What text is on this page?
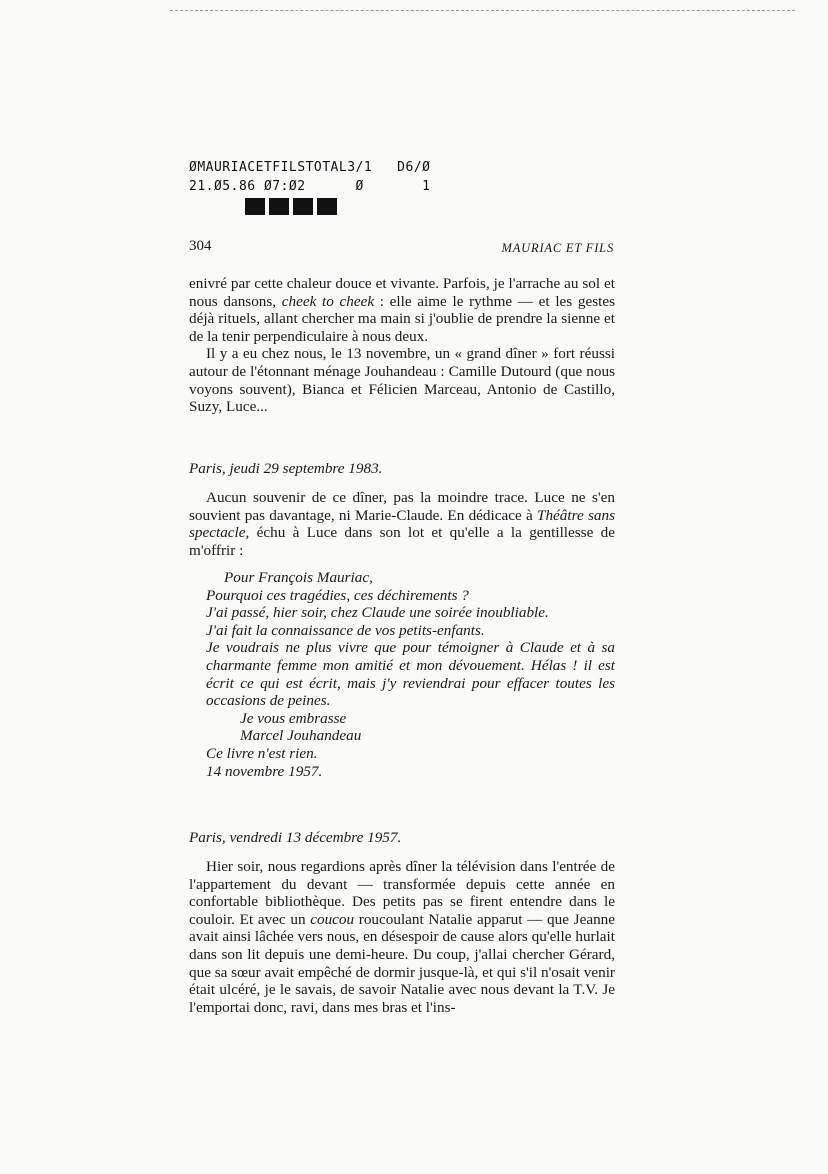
ØMAURIACETFILSTOTAL3/1   D6/Ø
21.Ø5.86 Ø7:Ø2      Ø       1
304	MAURIAC ET FILS

enivré par cette chaleur douce et vivante. Parfois, je l'arrache au sol et nous dansons, cheek to cheek : elle aime le rythme — et les gestes déjà rituels, allant chercher ma main si j'oublie de prendre la sienne et de la tenir perpendiculaire à nous deux.

Il y a eu chez nous, le 13 novembre, un « grand dîner » fort réussi autour de l'étonnant ménage Jouhandeau : Camille Dutourd (que nous voyons souvent), Bianca et Félicien Marceau, Antonio de Castillo, Suzy, Luce...

Paris, jeudi 29 septembre 1983.

Aucun souvenir de ce dîner, pas la moindre trace. Luce ne s'en souvient pas davantage, ni Marie-Claude. En dédicace à Théâtre sans spectacle, échu à Luce dans son lot et qu'elle a la gentillesse de m'offrir :

Pour François Mauriac,

Pourquoi ces tragédies, ces déchirements ?

J'ai passé, hier soir, chez Claude une soirée inoubliable.

J'ai fait la connaissance de vos petits-enfants.

Je voudrais ne plus vivre que pour témoigner à Claude et à sa charmante femme mon amitié et mon dévouement. Hélas ! il est écrit ce qui est écrit, mais j'y reviendrai pour effacer toutes les occasions de peines.

Je vous embrasse

Marcel Jouhandeau

Ce livre n'est rien.

14 novembre 1957.

Paris, vendredi 13 décembre 1957.

Hier soir, nous regardions après dîner la télévision dans l'entrée de l'appartement du devant — transformée depuis cette année en confortable bibliothèque. Des petits pas se firent entendre dans le couloir. Et avec un coucou roucoulant Natalie apparut — que Jeanne avait ainsi lâchée vers nous, en désespoir de cause alors qu'elle hurlait dans son lit depuis une demi-heure. Du coup, j'allai chercher Gérard, que sa sœur avait empêché de dormir jusque-là, et qui s'il n'osait venir était ulcéré, je le savais, de savoir Natalie avec nous devant la T.V. Je l'emportai donc, ravi, dans mes bras et l'ins-
